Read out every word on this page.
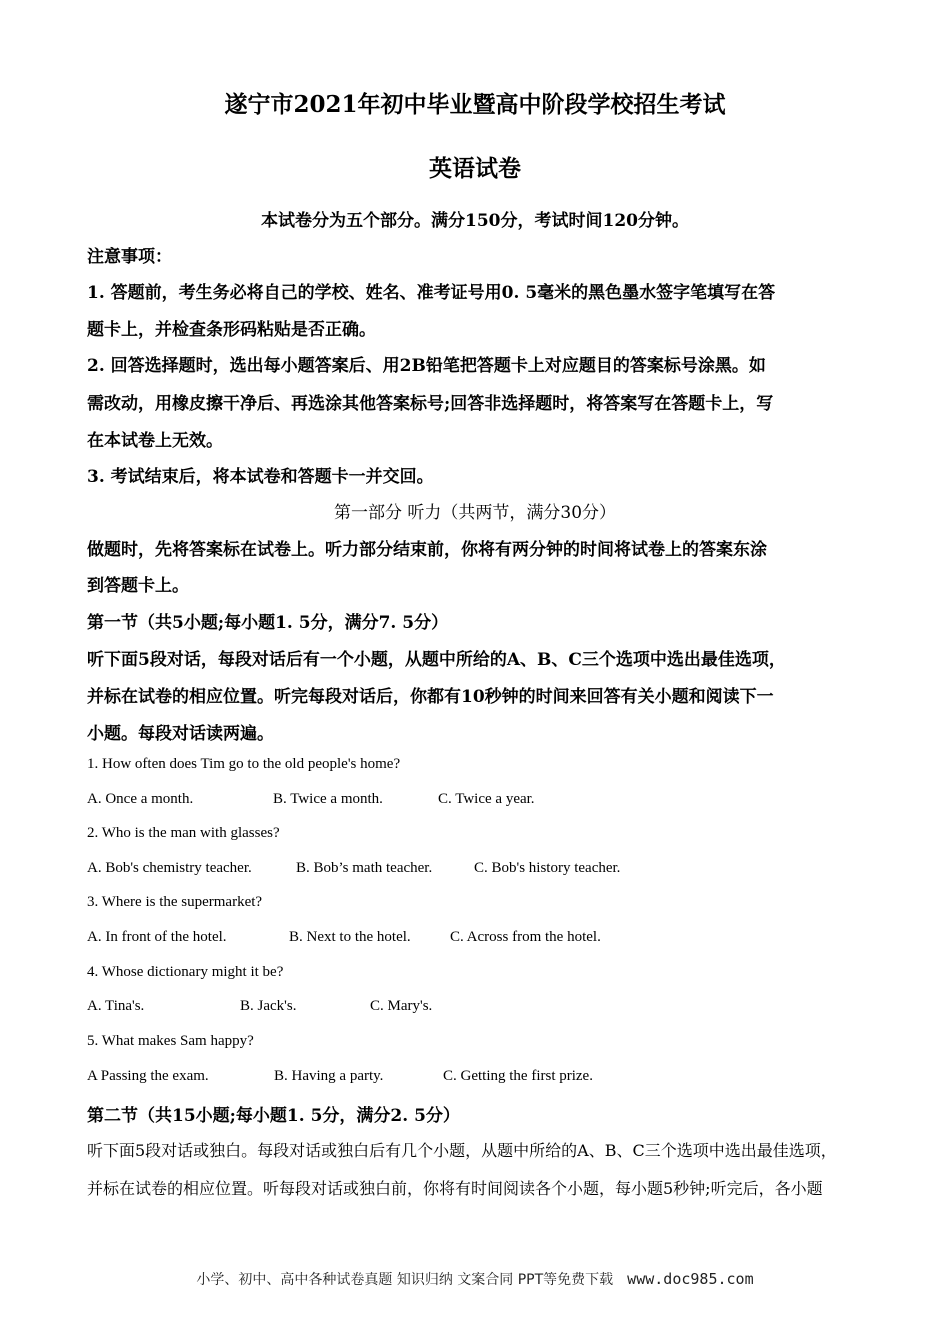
遂宁市2021年初中毕业暨高中阶段学校招生考试
英语试卷
本试卷分为五个部分。满分150分，考试时间120分钟。
注意事项：
1. 答题前，考生务必将自己的学校、姓名、准考证号用0. 5毫米的黑色墨水签字笔填写在答
题卡上，并检查条形码粘贴是否正确。
2. 回答选择题时，选出每小题答案后、用2B铅笔把答题卡上对应题目的答案标号涂黑。如
需改动，用橡皮擦干净后、再选涂其他答案标号;回答非选择题时，将答案写在答题卡上，写
在本试卷上无效。
3. 考试结束后，将本试卷和答题卡一并交回。
第一部分 听力（共两节，满分30分）
做题时，先将答案标在试卷上。听力部分结束前，你将有两分钟的时间将试卷上的答案东涂
到答题卡上。
第一节（共5小题;每小题1. 5分，满分7. 5分）
听下面5段对话，每段对话后有一个小题，从题中所给的A、B、C三个选项中选出最佳选项，
并标在试卷的相应位置。听完每段对话后，你都有10秒钟的时间来回答有关小题和阅读下一
小题。每段对话读两遍。
1. How often does Tim go to the old people's home?
A. Once a month.	B. Twice a month.	C. Twice a year.
2. Who is the man with glasses?
A. Bob's chemistry teacher.	B. Bob’s math teacher.	C. Bob's history teacher.
3. Where is the supermarket?
A. In front of the hotel.	B. Next to the hotel.	C. Across from the hotel.
4. Whose dictionary might it be?
A. Tina's.	B. Jack's.	C. Mary's.
5. What makes Sam happy?
A Passing the exam.	B. Having a party.	C. Getting the first prize.
第二节（共15小题;每小题1. 5分，满分2. 5分）
听下面5段对话或独白。每段对话或独白后有几个小题，从题中所给的A、B、C三个选项中选出最佳选项，
并标在试卷的相应位置。听每段对话或独白前，你将有时间阅读各个小题，每小题5秒钟;听完后，各小题
小学、初中、高中各种试卷真题 知识归纳 文案合同 PPT等免费下载 www.doc985.com
